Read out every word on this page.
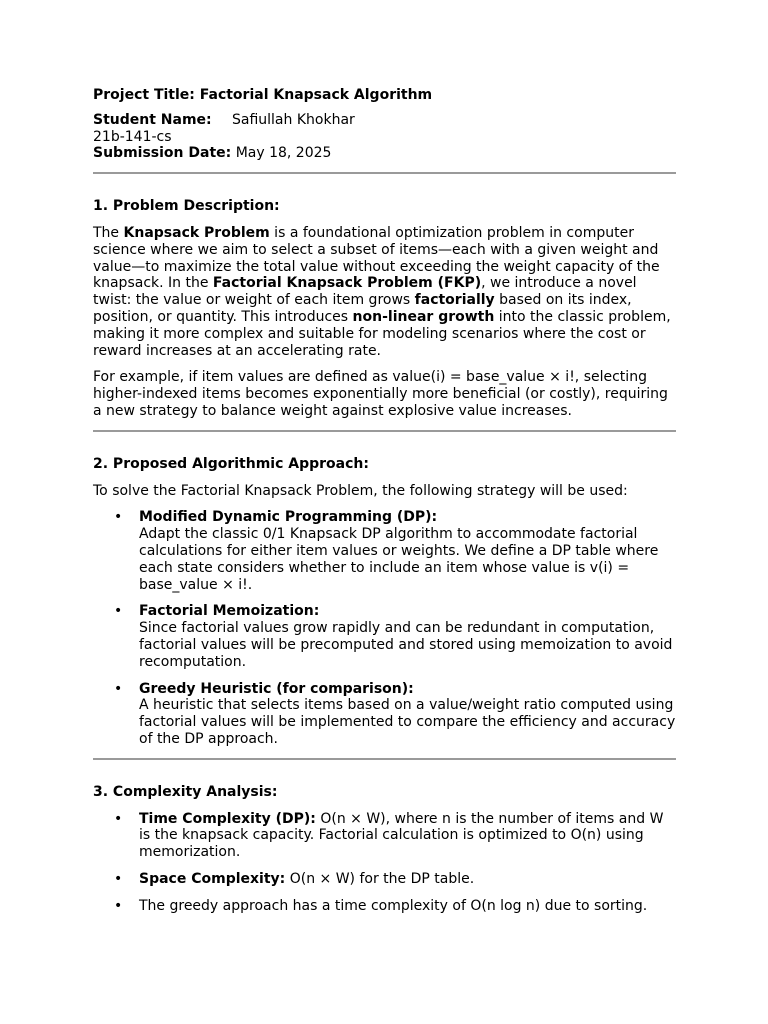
Project Title: Factorial Knapsack Algorithm

Student Name: Safiullah Khokhar

21b-141-cs

Submission Date: May 18, 2025

1. Problem Description:

The Knapsack Problem is a foundational optimization problem in computer science where we aim to select a subset of items—each with a given weight and value—to maximize the total value without exceeding the weight capacity of the knapsack. In the Factorial Knapsack Problem (FKP), we introduce a novel twist: the value or weight of each item grows factorially based on its index, position, or quantity. This introduces non-linear growth into the classic problem, making it more complex and suitable for modeling scenarios where the cost or reward increases at an accelerating rate.

For example, if item values are defined as value(i) = base_value × i!, selecting higher-indexed items becomes exponentially more beneficial (or costly), requiring a new strategy to balance weight against explosive value increases.

2. Proposed Algorithmic Approach:

To solve the Factorial Knapsack Problem, the following strategy will be used:

• Modified Dynamic Programming (DP):
Adapt the classic 0/1 Knapsack DP algorithm to accommodate factorial calculations for either item values or weights. We define a DP table where each state considers whether to include an item whose value is v(i) = base_value × i!.
• Factorial Memoization:
Since factorial values grow rapidly and can be redundant in computation, factorial values will be precomputed and stored using memoization to avoid recomputation.
• Greedy Heuristic (for comparison):
A heuristic that selects items based on a value/weight ratio computed using factorial values will be implemented to compare the efficiency and accuracy of the DP approach.
3. Complexity Analysis:
• Time Complexity (DP): O(n × W), where n is the number of items and W is the knapsack capacity. Factorial calculation is optimized to O(n) using memorization.
• Space Complexity: O(n × W) for the DP table.
• The greedy approach has a time complexity of O(n log n) due to sorting.
